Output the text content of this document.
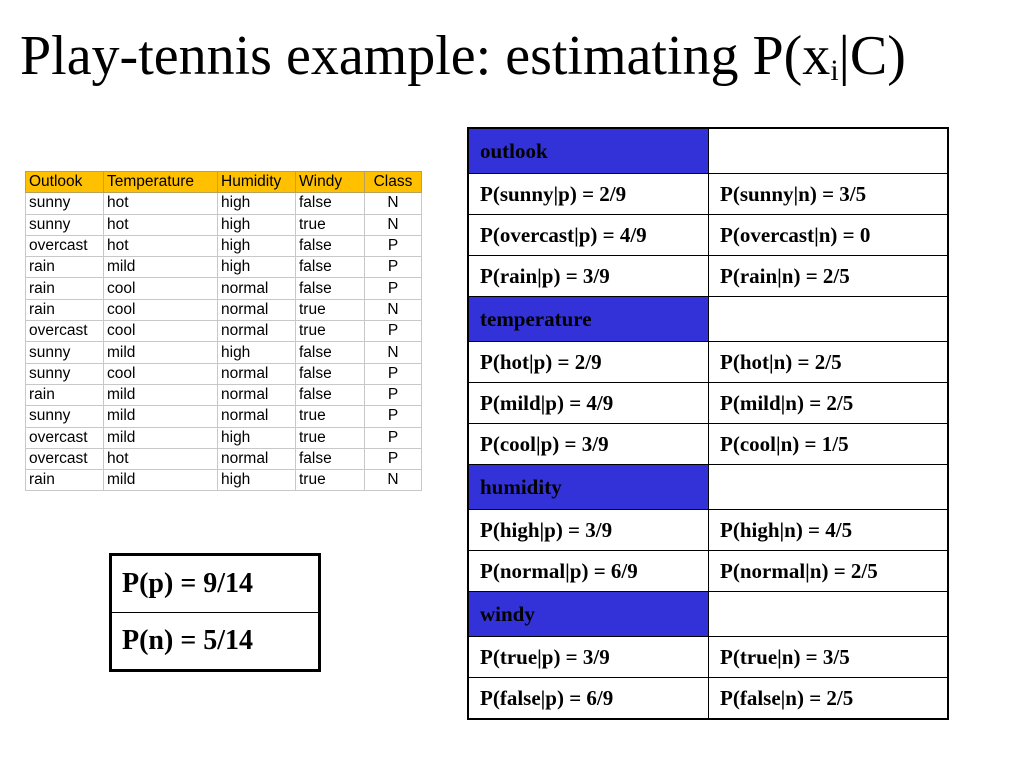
Play-tennis example: estimating $P(x_i|C)$
Outlook	Temperature	Humidity	Windy	Class
sunny	hot	high	false	N
sunny	hot	high	true	N
overcast	hot	high	false	P
rain	mild	high	false	P
rain	cool	normal	false	P
rain	cool	normal	true	N
overcast	cool	normal	true	P
sunny	mild	high	false	N
sunny	cool	normal	false	P
rain	mild	normal	false	P
sunny	mild	normal	true	P
overcast	mild	high	true	P
overcast	hot	normal	false	P
rain	mild	high	true	N
P(p) = 9/14
P(n) = 5/14
outlook	
P(sunny|p) = 2/9	P(sunny|n) = 3/5
P(overcast|p) = 4/9	P(overcast|n) = 0
P(rain|p) = 3/9	P(rain|n) = 2/5
temperature	
P(hot|p) = 2/9	P(hot|n) = 2/5
P(mild|p) = 4/9	P(mild|n) = 2/5
P(cool|p) = 3/9	P(cool|n) = 1/5
humidity	
P(high|p) = 3/9	P(high|n) = 4/5
P(normal|p) = 6/9	P(normal|n) = 2/5
windy	
P(true|p) = 3/9	P(true|n) = 3/5
P(false|p) = 6/9	P(false|n) = 2/5
